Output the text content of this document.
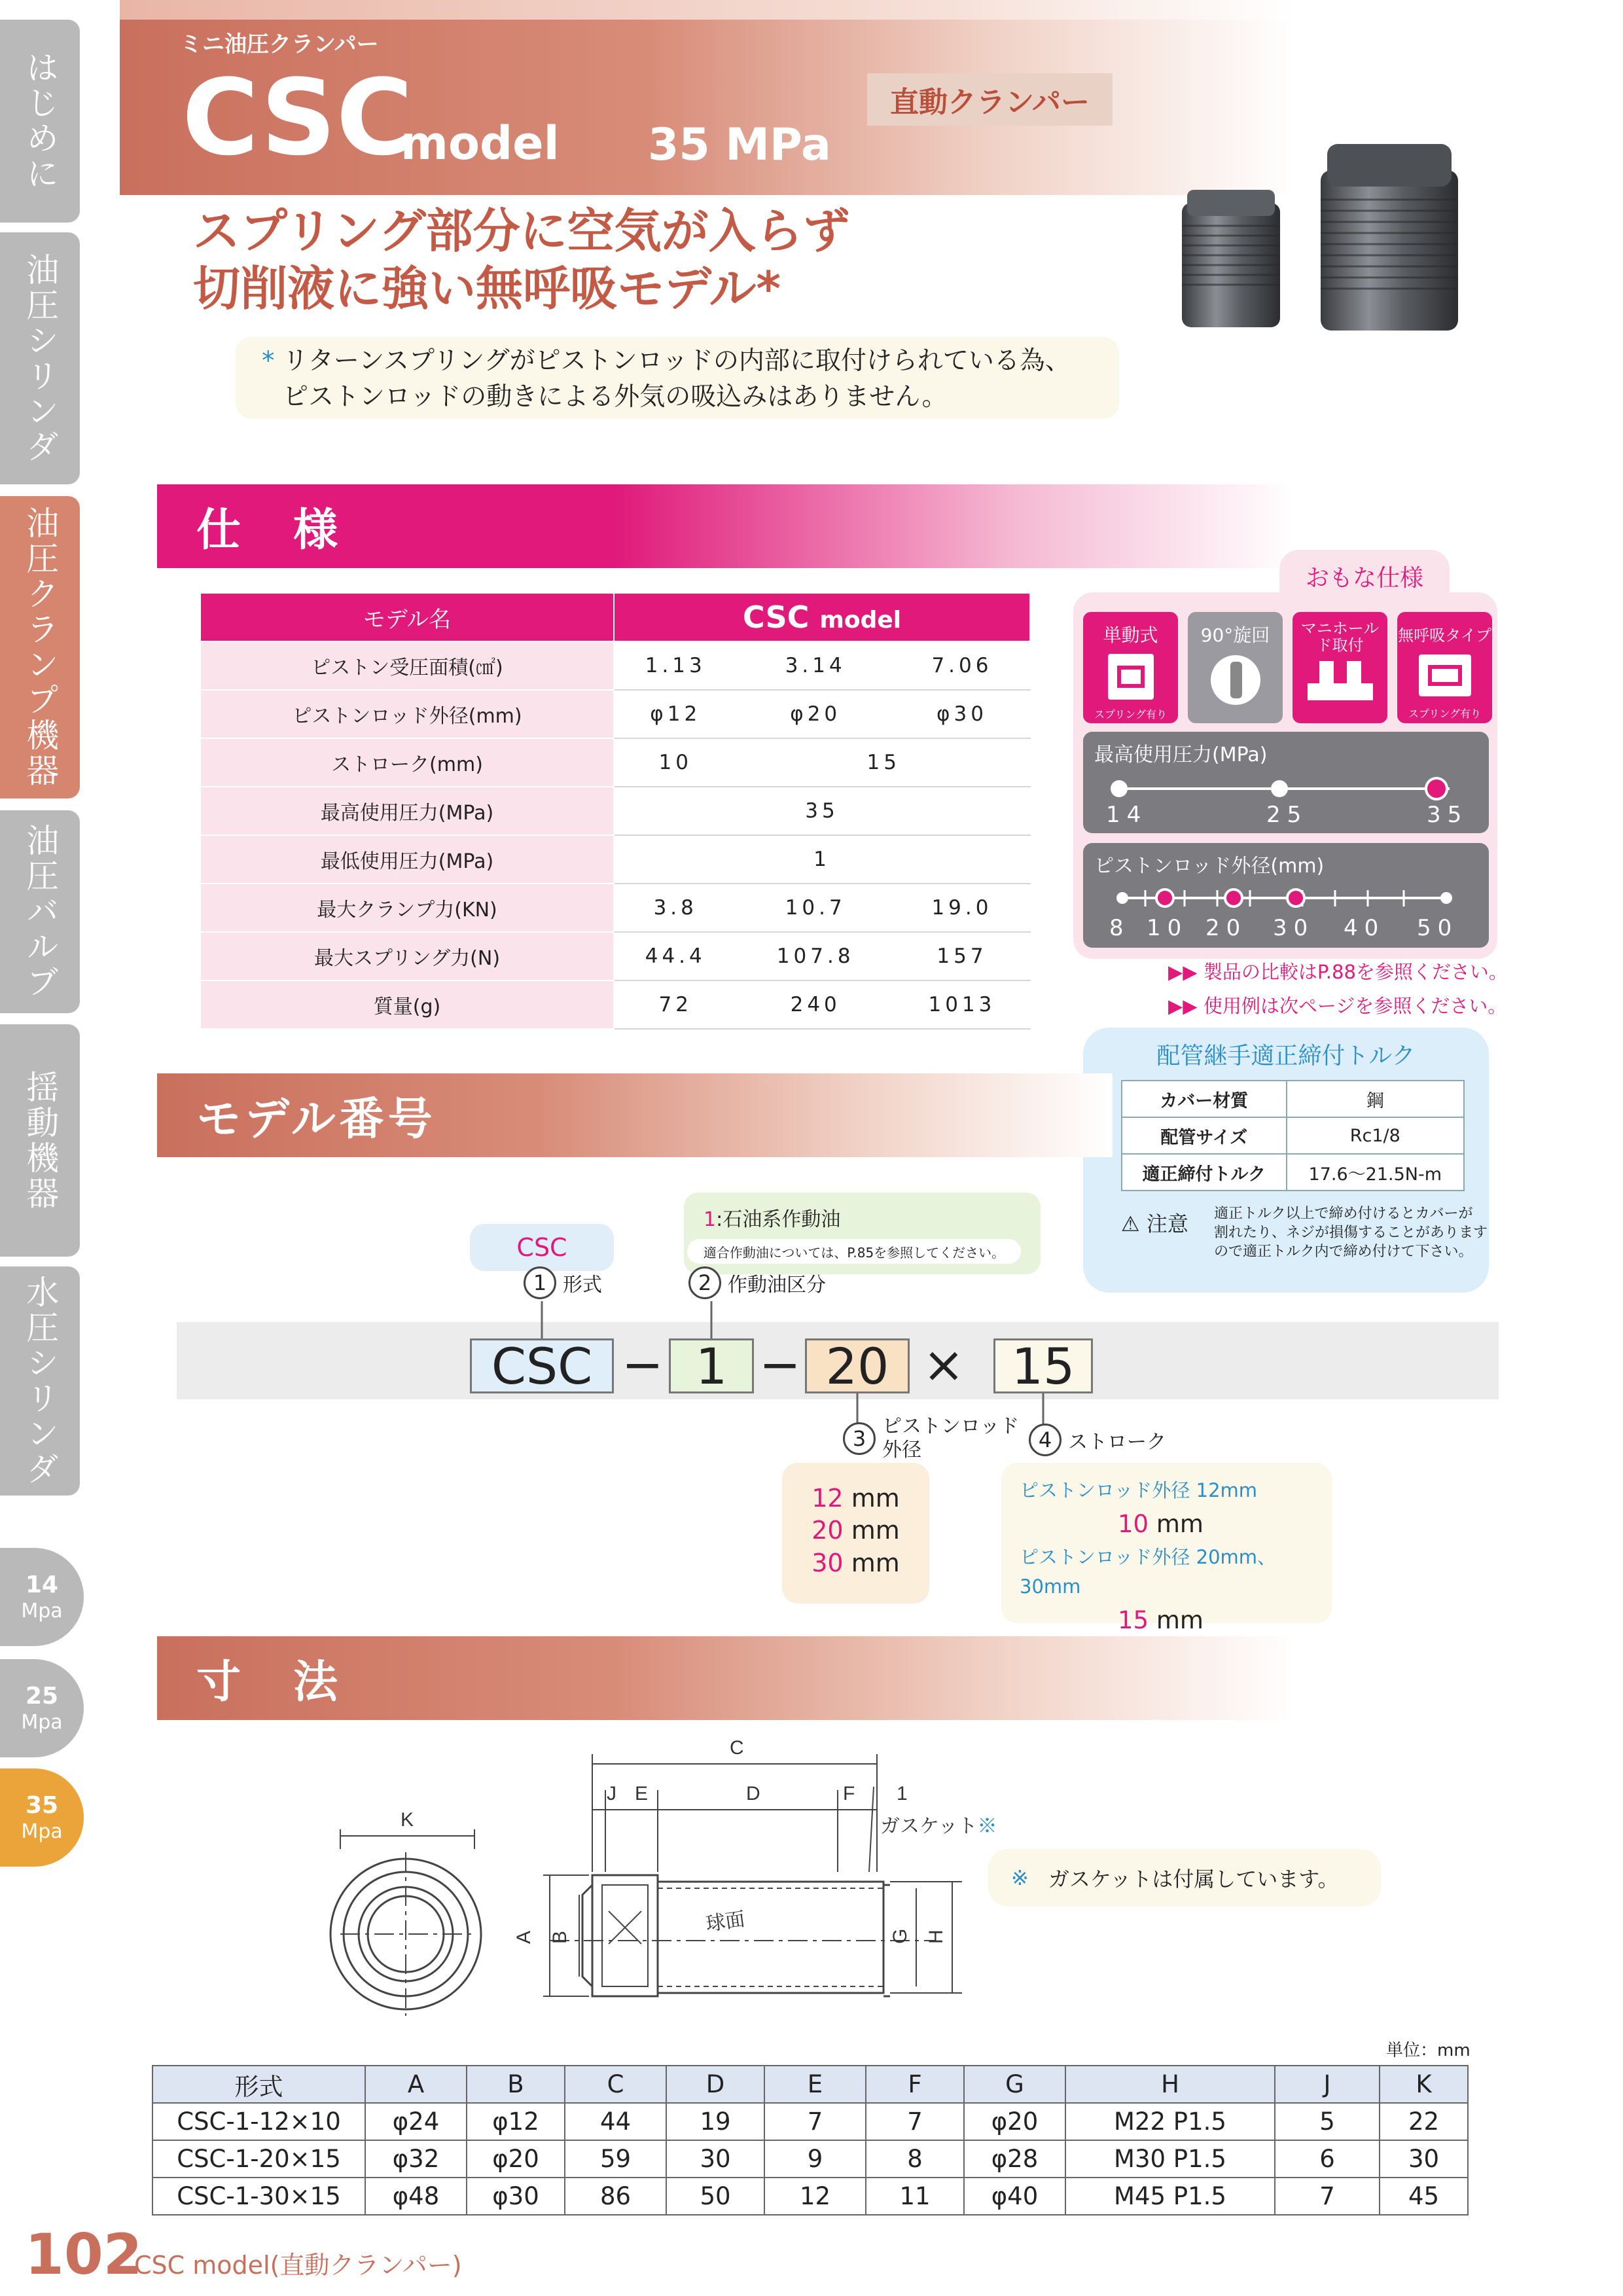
はじめに
油圧シリンダ
油圧クランプ機器
油圧バルブ
揺動機器
水圧シリンダ
14
Mpa
25
Mpa
35
Mpa
ミニ油圧クランパー
CSC
model 35 MPa
直動クランパー
スプリング部分に空気が入らず
切削液に強い無呼吸モデル*
* リターンスプリングがピストンロッドの内部に取付けられている為、
ピストンロッドの動きによる外気の吸込みはありません。
仕　様
モデル名	CSC model		
ピストン受圧面積(㎠)	1.13	3.14	7.06
ピストンロッド外径(mm)	φ12	φ20	φ30
ストローク(mm)	10	15	
最高使用圧力(MPa)	35		
最低使用圧力(MPa)	1		
最大クランプ力(KN)	3.8	10.7	19.0
最大スプリング力(N)	44.4	107.8	157
質量(g)	72	240	1013
おもな仕様
単動式
スプリング有り
90°旋回	マニホールド取付
無呼吸タイプ
スプリング有り
最高使用圧力(MPa)
14	25	35
ピストンロッド外径(mm)
8 10 20 30 40 50
▶▶ 製品の比較はP.88を参照ください。
▶▶ 使用例は次ページを参照ください。
配管継手適正締付トルク
カバー材質	鋼
配管サイズ	Rc1/8
適正締付トルク	17.6〜21.5N-m
⚠ 注意 適正トルク以上で締め付けるとカバーが
割れたり、ネジが損傷することがあります
ので適正トルク内で締め付けて下さい。
モデル番号
CSC
1 形式
1:石油系作動油
適合作動油については、P.85を参照してください。
2 作動油区分
CSC − 1 − 20 × 15
3 ピストンロッド
外径
12 mm
20 mm
30 mm
4 ストローク
ピストンロッド外径 12mm
10 mm
ピストンロッド外径 20mm、30mm
15 mm
寸　法
K
C
J E	D	F 1
ガスケット※
球面
A B	G H
※ ガスケットは付属しています。
単位：mm
形式	A	B	C	D	E	F	G	H	J	K
CSC-1-12×10	φ24	φ12	44	19	7	7	φ20	M22 P1.5	5	22
CSC-1-20×15	φ32	φ20	59	30	9	8	φ28	M30 P1.5	6	30
CSC-1-30×15	φ48	φ30	86	50	12	11	φ40	M45 P1.5	7	45
102
CSC model(直動クランパー)
